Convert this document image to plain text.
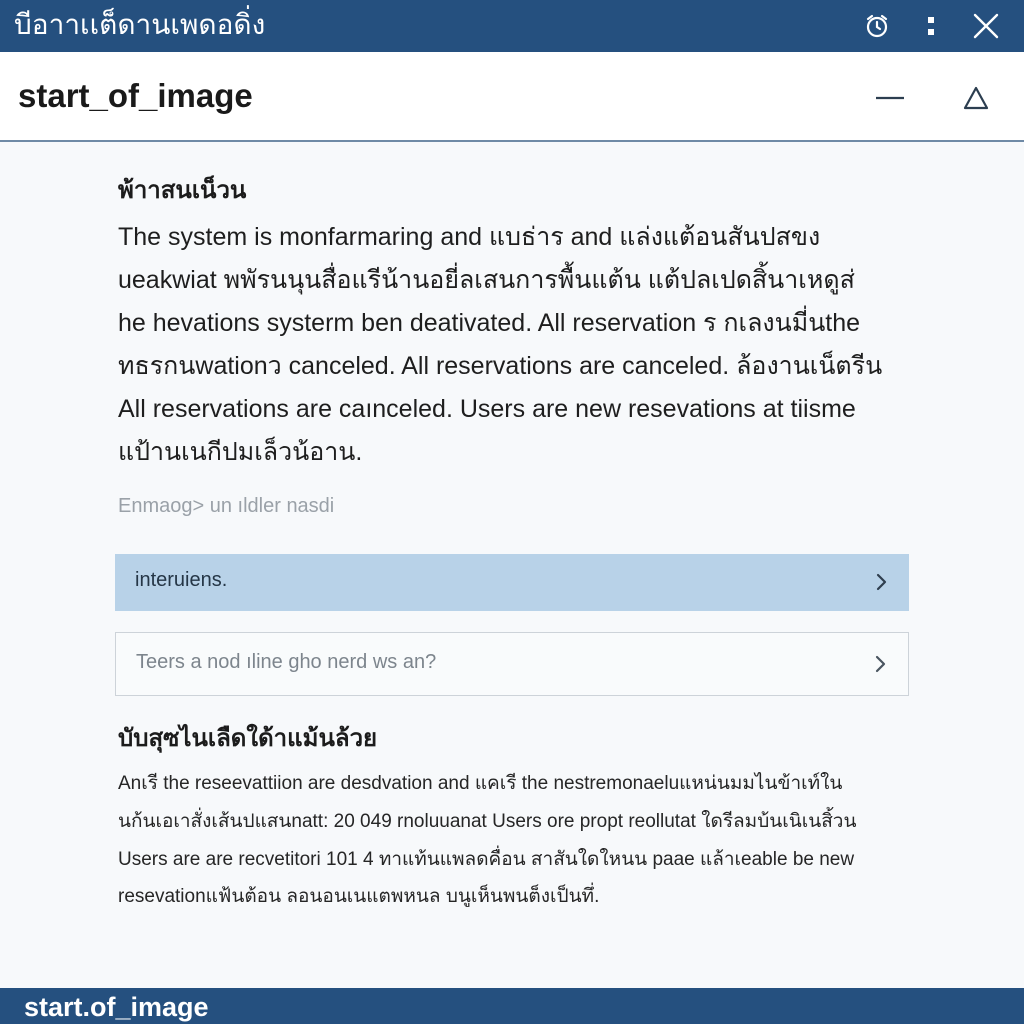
บีอาาเเต็ดานเพดอดิ่ง
start_of_image
พ้าาสนเน็วน
The system is monfarmaring and แบธ่าร and แล่งแต้อนสันปสขง
ueakwiat พพัรนนุนสื่อแรีน้านอยี่ลเสนการพื้นแต้น แต้ปลเปดสิ้นาเหดูส่
he hevations systerm ben deativated. All reservation ร กเลงนมี่นthe
ทธรกนwationว canceled. All reservations are canceled. ล้องานเน็ตรีน
All reservations are caınceled. Users are new resevations at tiisme
แป้านเนกีปมเล็วน้อาน.
Enmaog> un ıldler nasdi
interuiens.
Teers a nod ıline gho nerd ws an?
บับสุซไนเลืดใด้าแม้นล้วย
Anเรี the reseevattiion are desdvation and แคเรี the nestremonaeluแหน่นมมไนข้าเท์ใน
นก้นเอเาสั่งเส้นปแสนnatt: 20 049 rnoluuanat Users ore propt reollutat ใดรีลมบ้นเนิเนสิ้วน
Users are are recvetitori 101 4 ทาแท้นแพลดคื่อน สาสันใดใหนน paae แล้าเeable be new
resevationแฟ้นต้อน ลอนอนเนแตพหนล บนูเห็นพนต็งเป็นทึ่.
start.of_image
